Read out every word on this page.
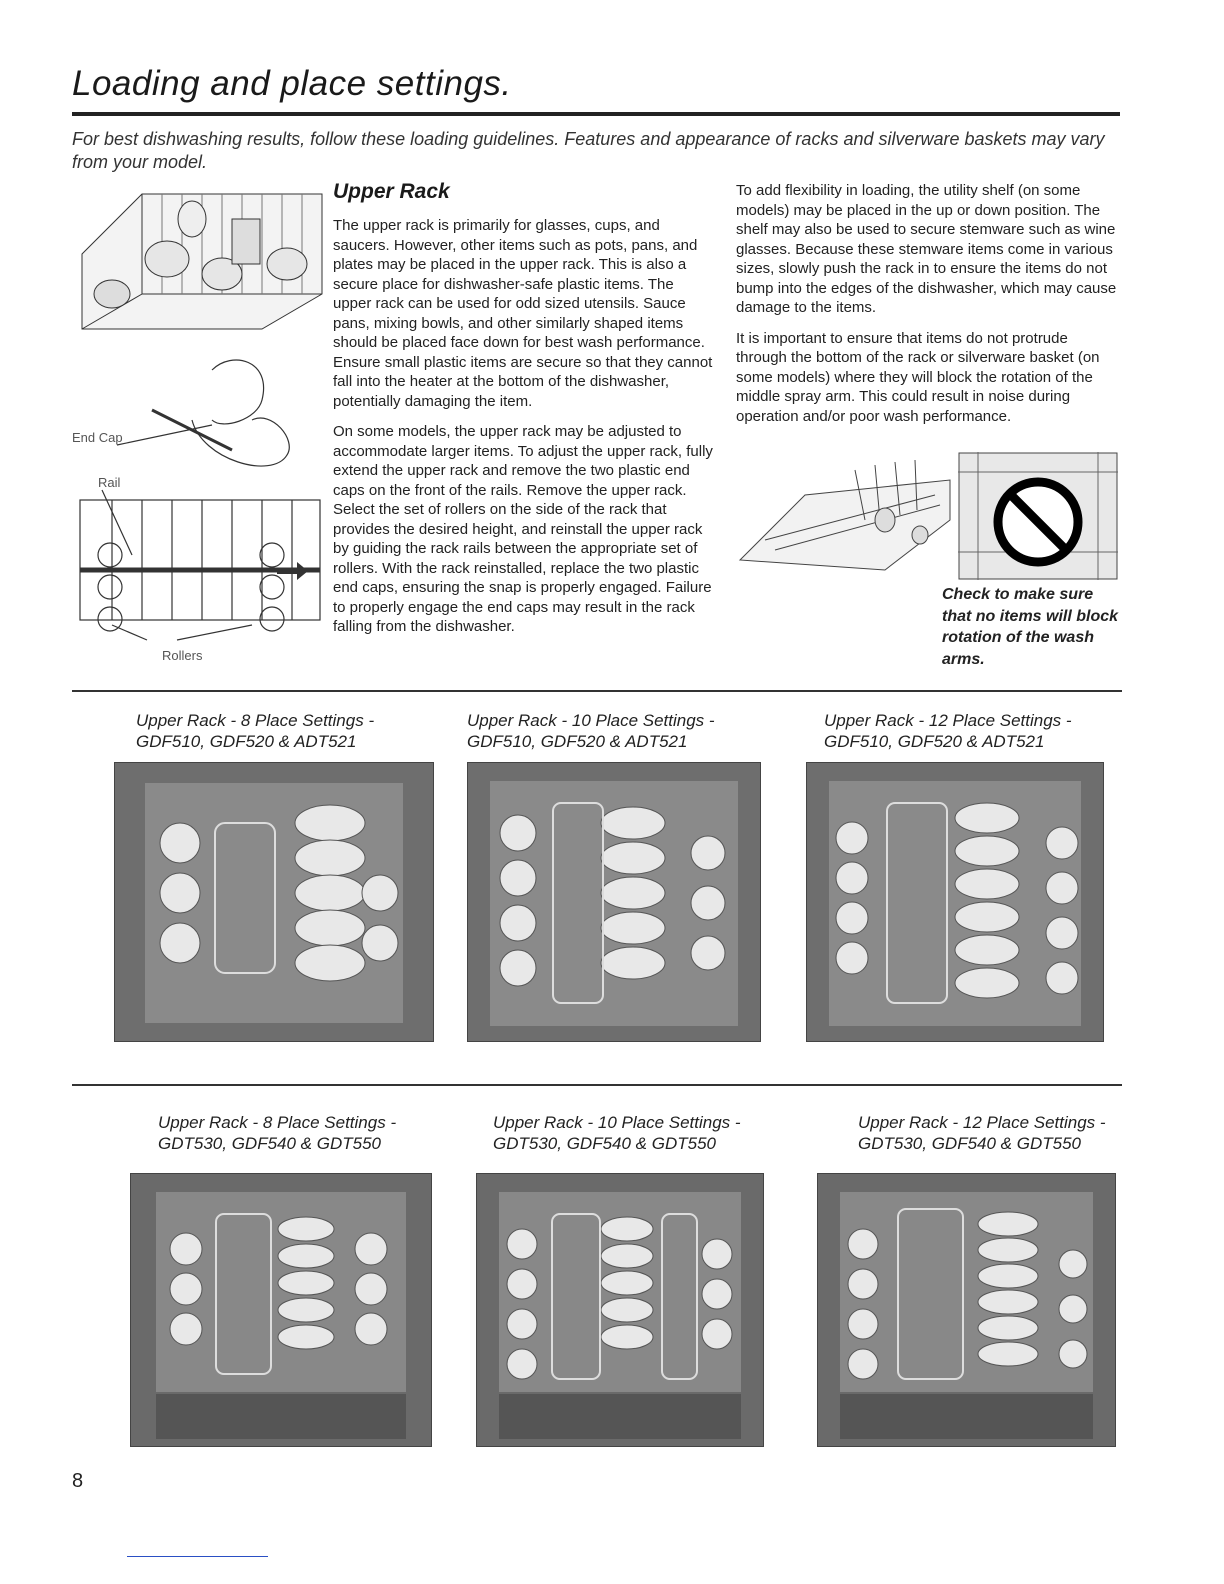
Loading and place settings.

For best dishwashing results, follow these loading guidelines. Features and appearance of racks and silverware baskets may vary from your model.

End Cap
Rail
Rollers
Upper Rack

The upper rack is primarily for glasses, cups, and saucers. However, other items such as pots, pans, and plates may be placed in the upper rack. This is also a secure place for dishwasher-safe plastic items. The upper rack can be used for odd sized utensils. Sauce pans, mixing bowls, and other similarly shaped items should be placed face down for best wash performance. Ensure small plastic items are secure so that they cannot fall into the heater at the bottom of the dishwasher, potentially damaging the item.

On some models, the upper rack may be adjusted to accommodate larger items. To adjust the upper rack, fully extend the upper rack and remove the two plastic end caps on the front of the rails. Remove the upper rack. Select the set of rollers on the side of the rack that provides the desired height, and reinstall the upper rack by guiding the rack rails between the appropriate set of rollers. With the rack reinstalled, replace the two plastic end caps, ensuring the snap is properly engaged. Failure to properly engage the end caps may result in the rack falling from the dishwasher.

To add flexibility in loading, the utility shelf (on some models) may be placed in the up or down position. The shelf may also be used to secure stemware such as wine glasses. Because these stemware items come in various sizes, slowly push the rack in to ensure the items do not bump into the edges of the dishwasher, which may cause damage to the items.

It is important to ensure that items do not protrude through the bottom of the rack or silverware basket (on some models) where they will block the rotation of the middle spray arm. This could result in noise during operation and/or poor wash performance.

Check to make sure that no items will block rotation of the wash arms.

Upper Rack - 8 Place Settings -

GDF510, GDF520 & ADT521

Upper Rack - 10 Place Settings -

GDF510, GDF520 & ADT521

Upper Rack - 12 Place Settings -

GDF510, GDF520 & ADT521

Upper Rack - 8 Place Settings -

GDT530, GDF540 & GDT550

Upper Rack - 10 Place Settings -

GDT530, GDF540 & GDT550

Upper Rack - 12 Place Settings -

GDT530, GDF540 & GDT550

8
